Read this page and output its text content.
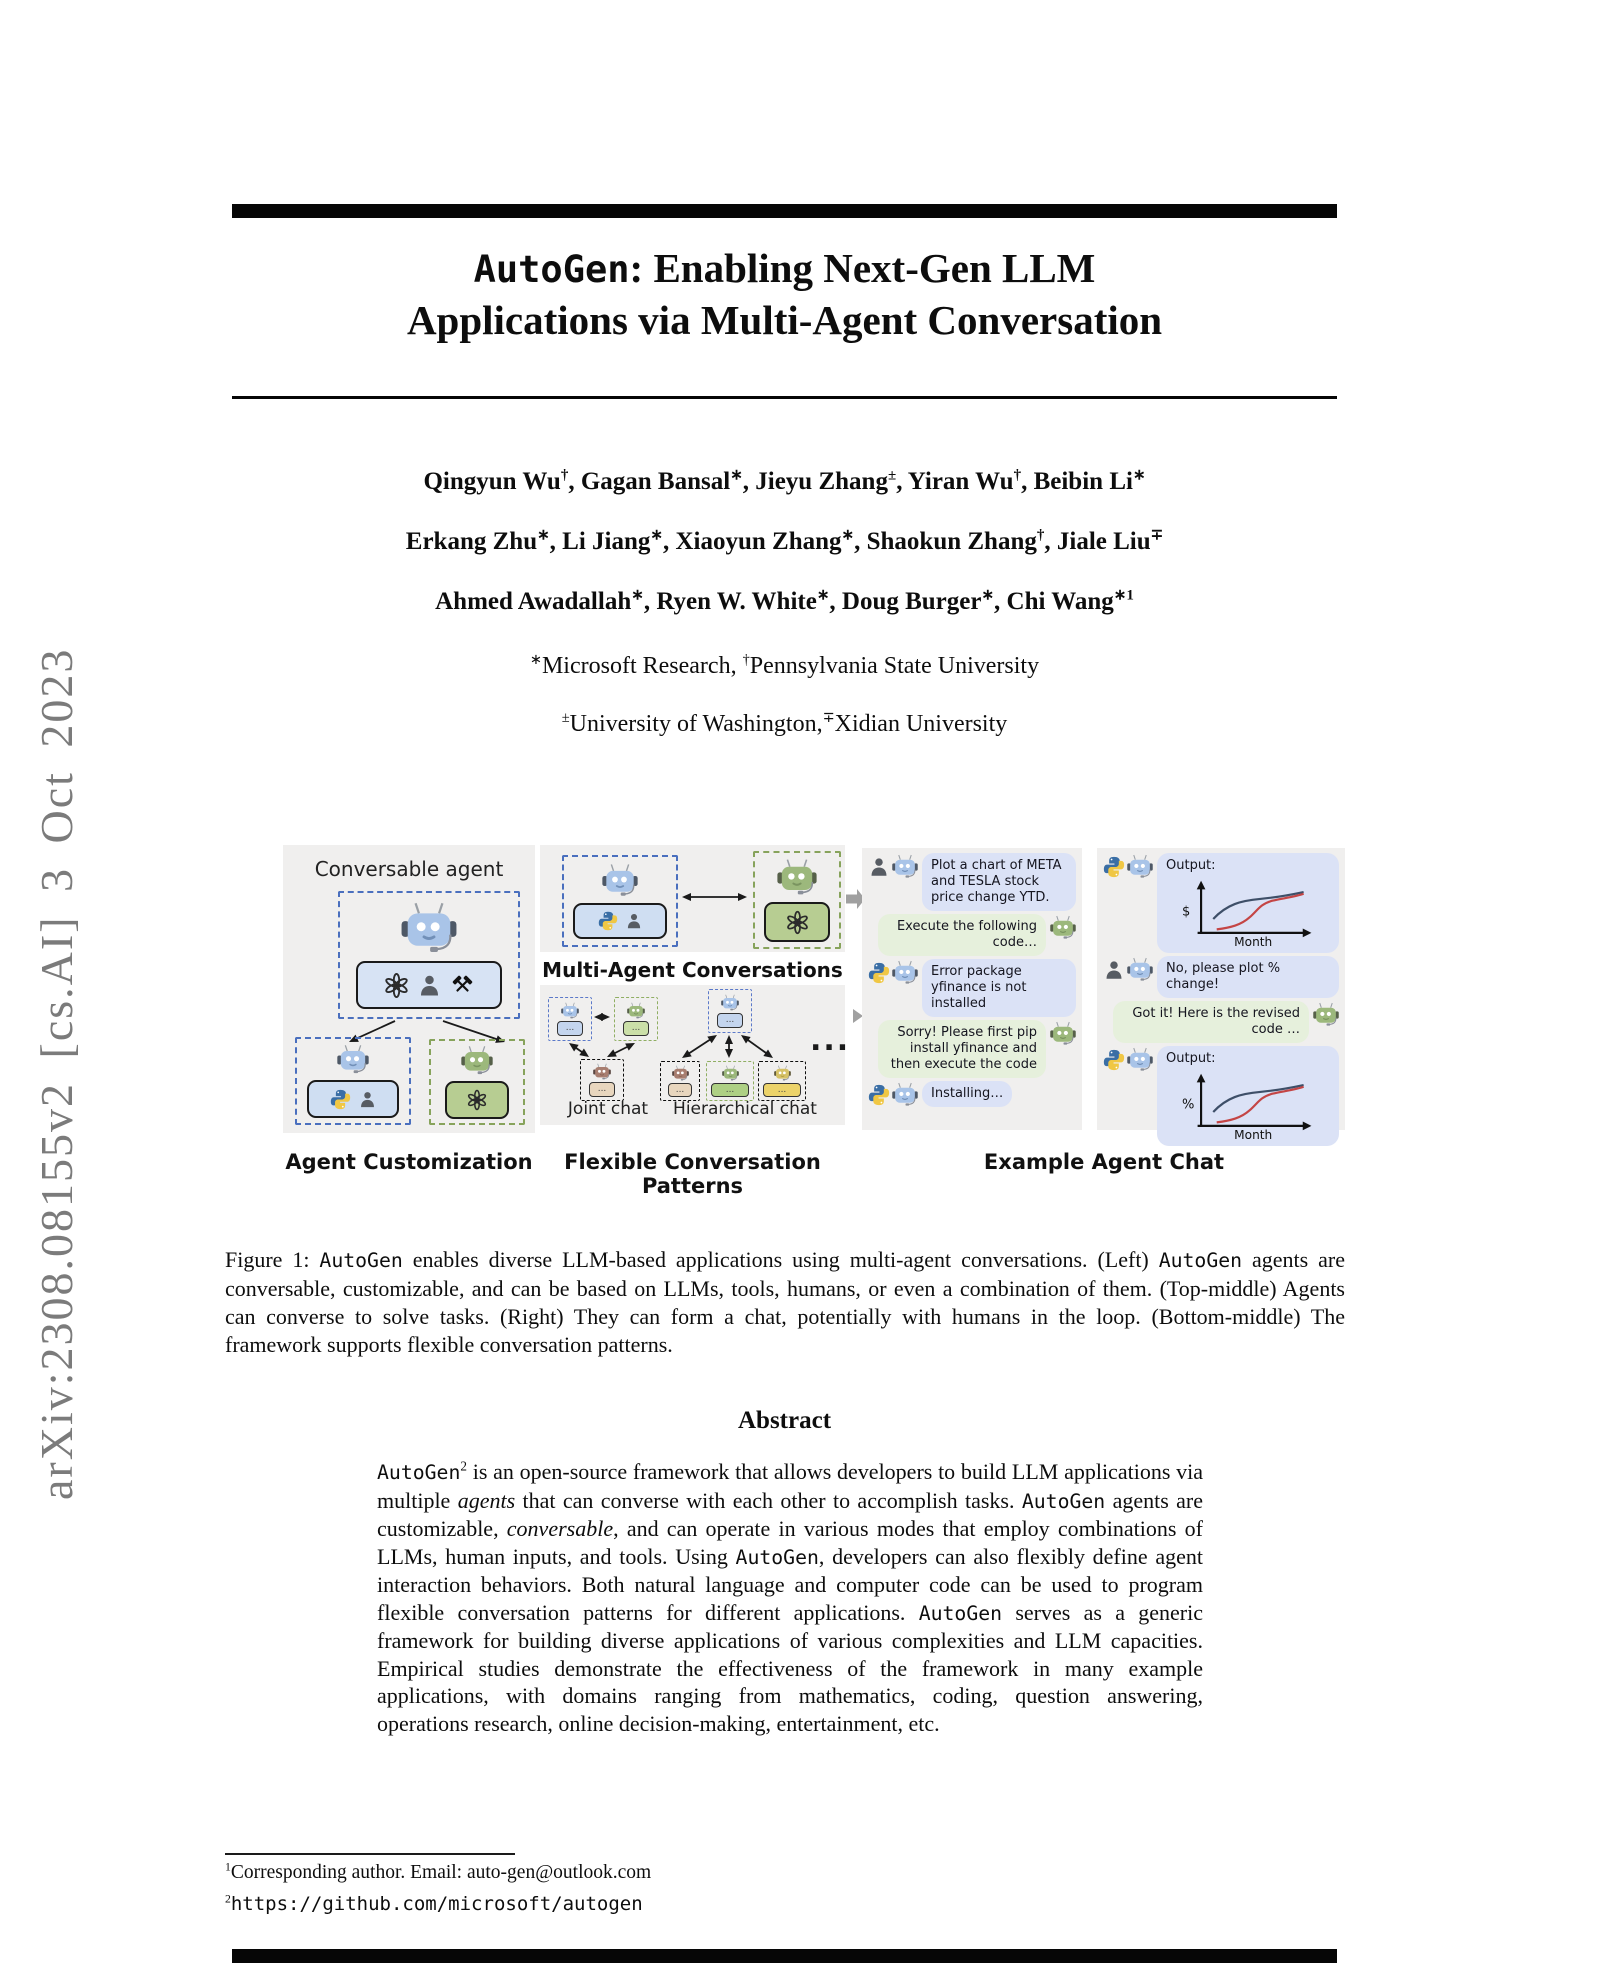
arXiv:2308.08155v2 [cs.AI] 3 Oct 2023
AutoGen: Enabling Next-Gen LLM
Applications via Multi-Agent Conversation
Qingyun Wu†, Gagan Bansal∗, Jieyu Zhang±, Yiran Wu†, Beibin Li∗
Erkang Zhu∗, Li Jiang∗, Xiaoyun Zhang∗, Shaokun Zhang†, Jiale Liu∓
Ahmed Awadallah∗, Ryen W. White∗, Doug Burger∗, Chi Wang$^{∗1}$
∗Microsoft Research, †Pennsylvania State University
±University of Washington,∓Xidian University
Conversable agent
Agent Customization
Multi-Agent Conversations
...	...
...
...
...	...	...
Joint chat	Hierarchical chat
...
Flexible Conversation Patterns
Plot a chart of META and TESLA stock price change YTD.
Execute the following code…
Error package yfinance is not installed
Sorry! Please first pip install yfinance and then execute the code
Installing…
Output:
$
Month
No, please plot % change!
Got it! Here is the revised code …
Output:
%
Month
Example Agent Chat
Figure 1: AutoGen enables diverse LLM-based applications using multi-agent conversations. (Left) AutoGen agents are conversable, customizable, and can be based on LLMs, tools, humans, or even a combination of them. (Top-middle) Agents can converse to solve tasks. (Right) They can form a chat, potentially with humans in the loop. (Bottom-middle) The framework supports flexible conversation patterns.
Abstract
AutoGen$^2$ is an open-source framework that allows developers to build LLM applications via multiple agents that can converse with each other to accomplish tasks. AutoGen agents are customizable, conversable, and can operate in various modes that employ combinations of LLMs, human inputs, and tools. Using AutoGen, developers can also flexibly define agent interaction behaviors. Both natural language and computer code can be used to program flexible conversation patterns for different applications. AutoGen serves as a generic framework for building diverse applications of various complexities and LLM capacities. Empirical studies demonstrate the effectiveness of the framework in many example applications, with domains ranging from mathematics, coding, question answering, operations research, online decision-making, entertainment, etc.
$^1$Corresponding author. Email: auto-gen@outlook.com
$^2$https://github.com/microsoft/autogen
